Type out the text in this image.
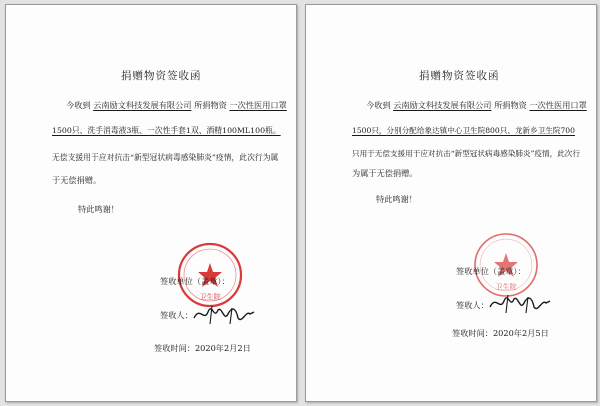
捐赠物资签收函
今收到 云南励文科技发展有限公司 所捐物资 一次性医用口罩
1500只、洗手消毒液3瓶、一次性手套1双、酒精100ML100瓶。
无偿支援用于应对抗击“新型冠状病毒感染肺炎”疫情，此次行为属
于无偿捐赠。
特此鸣谢！
卫生院
签收单位（盖章）：
签收人：
签收时间：2020年2月2日
捐赠物资签收函
今收到 云南励文科技发展有限公司 所捐物资 一次性医用口罩
1500只，分别分配给象达镇中心卫生院800只、龙新乡卫生院700
只用于无偿支援用于应对抗击“新型冠状病毒感染肺炎”疫情，此次行
为属于无偿捐赠。
特此鸣谢！
卫生院
签收单位（盖章）：
签收人：
签收时间：2020年2月5日
